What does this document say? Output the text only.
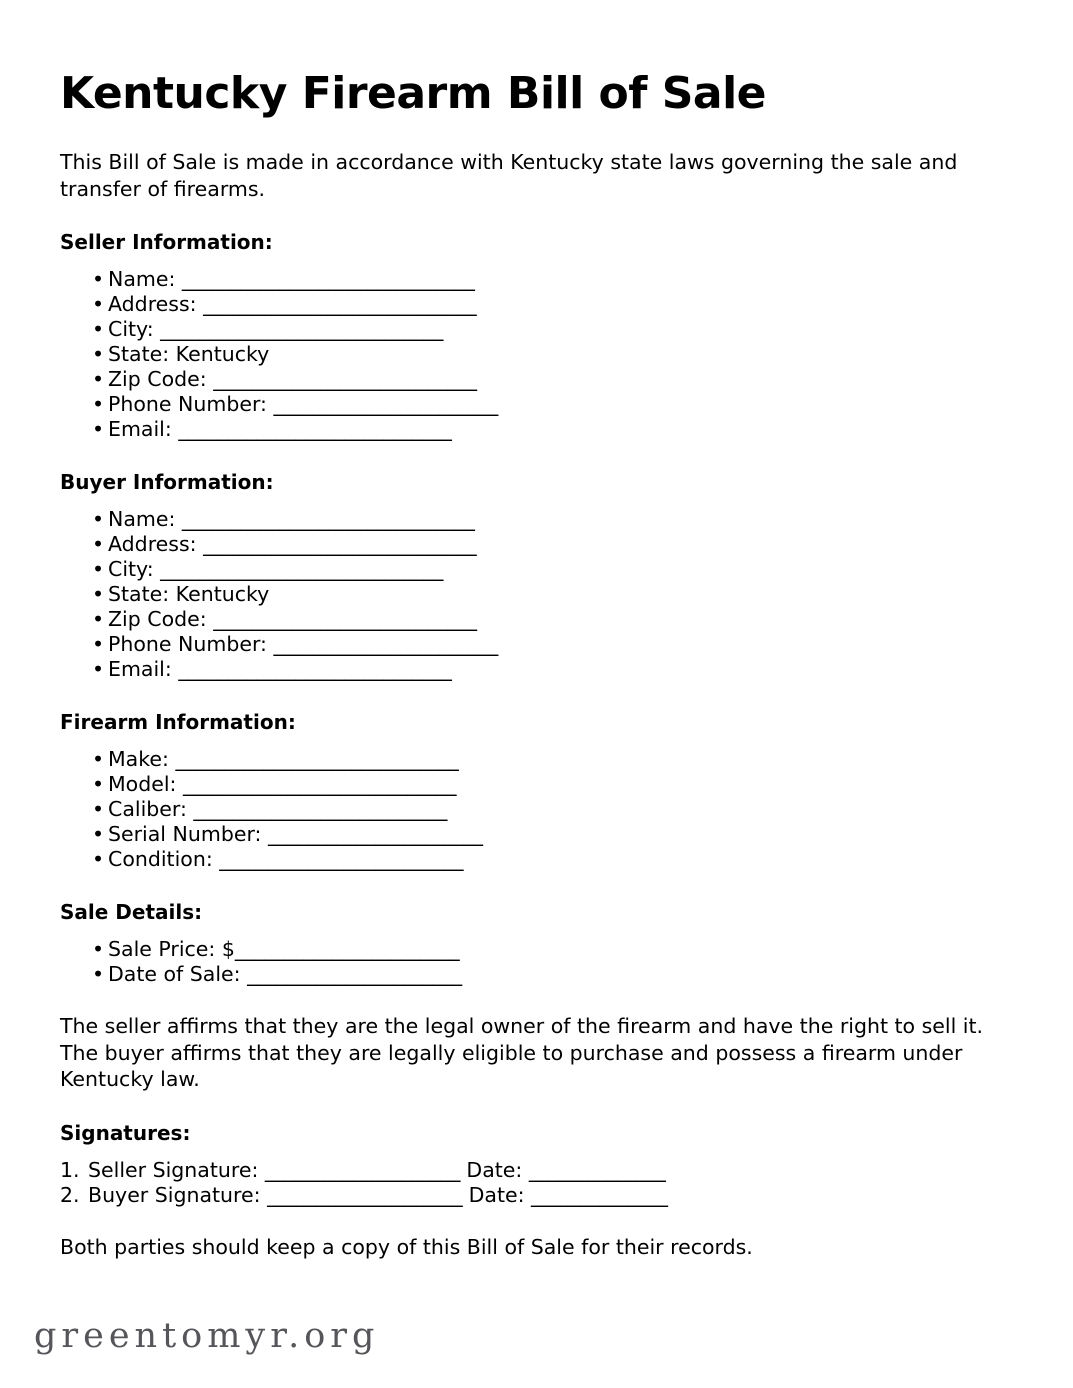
Kentucky Firearm Bill of Sale

This Bill of Sale is made in accordance with Kentucky state laws governing the sale and transfer of firearms.

Seller Information:
• Name: ______________________________
• Address: ____________________________
• City: _____________________________
• State: Kentucky
• Zip Code: ___________________________
• Phone Number: _______________________
• Email: ____________________________
Buyer Information:
• Name: ______________________________
• Address: ____________________________
• City: _____________________________
• State: Kentucky
• Zip Code: ___________________________
• Phone Number: _______________________
• Email: ____________________________
Firearm Information:
• Make: _____________________________
• Model: ____________________________
• Caliber: __________________________
• Serial Number: ______________________
• Condition: _________________________
Sale Details:
• Sale Price: $_______________________
• Date of Sale: ______________________

The seller affirms that they are the legal owner of the firearm and have the right to sell it. The buyer affirms that they are legally eligible to purchase and possess a firearm under Kentucky law.

Signatures:
Seller Signature: ____________________ Date: ______________
Buyer Signature: ____________________ Date: ______________

Both parties should keep a copy of this Bill of Sale for their records.

greentomyr.org
